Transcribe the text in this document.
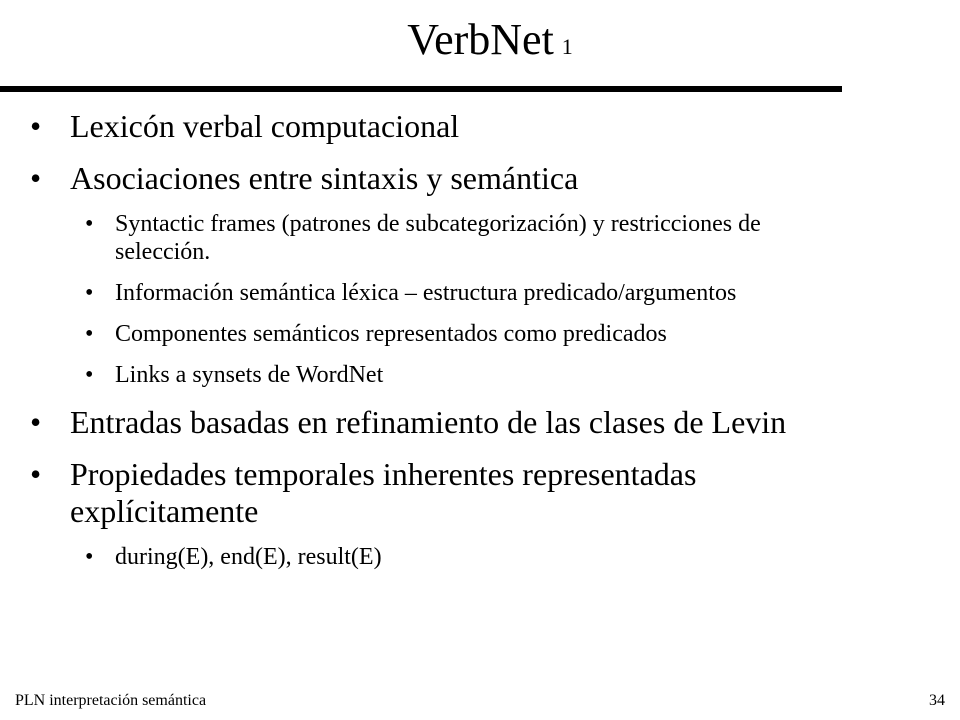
VerbNet 1
• Lexicón verbal computacional
• Asociaciones entre sintaxis y semántica
• Syntactic frames (patrones de subcategorización) y restricciones de selección.
• Información semántica léxica – estructura predicado/argumentos
• Componentes semánticos representados como predicados
• Links a synsets de WordNet
• Entradas basadas en refinamiento de las clases de Levin
• Propiedades temporales inherentes representadas explícitamente
• during(E), end(E), result(E)
PLN interpretación semántica	34
